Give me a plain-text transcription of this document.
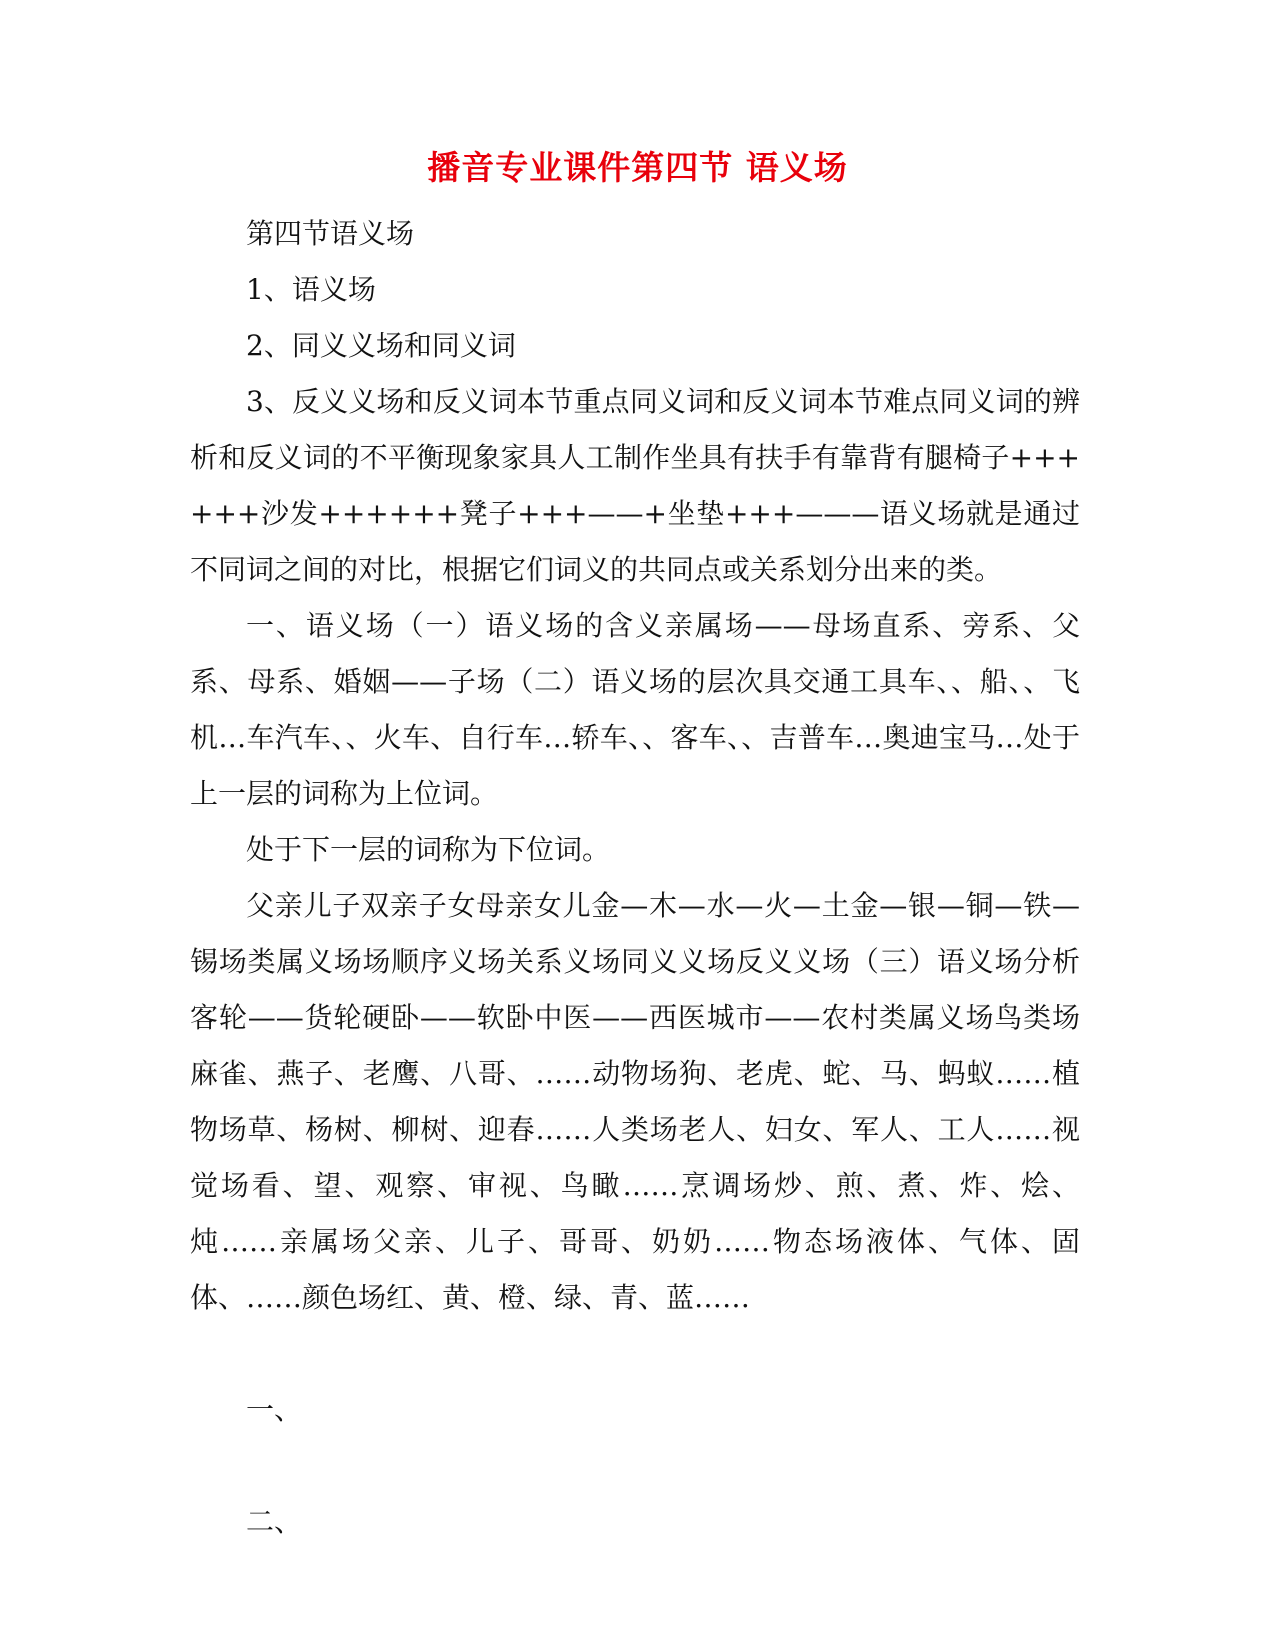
播音专业课件第四节 语义场

第四节语义场

1、语义场

2、同义义场和同义词

3、反义义场和反义词本节重点同义词和反义词本节难点同义词的辨析和反义词的不平衡现象家具人工制作坐具有扶手有靠背有腿椅子++++++沙发++++++凳子+++——+坐垫+++———语义场就是通过不同词之间的对比，根据它们词义的共同点或关系划分出来的类。

一、语义场（一）语义场的含义亲属场——母场直系、旁系、父系、母系、婚姻——子场（二）语义场的层次具交通工具车、、船、、飞机…车汽车、、火车、自行车…轿车、、客车、、吉普车…奥迪宝马…处于上一层的词称为上位词。

处于下一层的词称为下位词。

父亲儿子双亲子女母亲女儿金—木—水—火—土金—银—铜—铁—锡场类属义场场顺序义场关系义场同义义场反义义场（三）语义场分析客轮——货轮硬卧——软卧中医——西医城市——农村类属义场鸟类场麻雀、燕子、老鹰、八哥、……动物场狗、老虎、蛇、马、蚂蚁……植物场草、杨树、柳树、迎春……人类场老人、妇女、军人、工人……视觉场看、望、观察、审视、鸟瞰……烹调场炒、煎、煮、炸、烩、炖……亲属场父亲、儿子、哥哥、奶奶……物态场液体、气体、固体、……颜色场红、黄、橙、绿、青、蓝……

一、

二、
